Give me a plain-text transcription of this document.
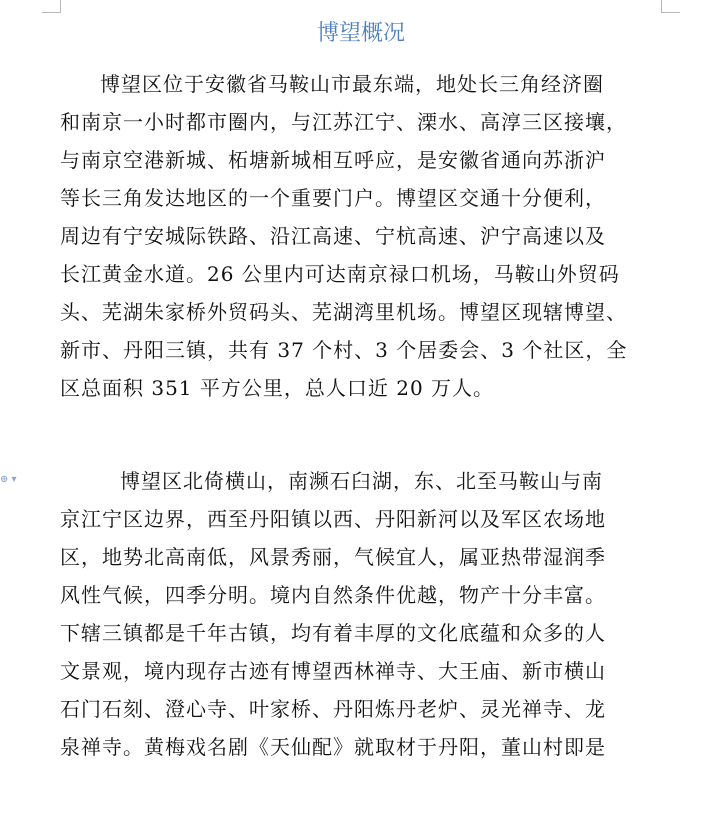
⊕ ▾
博望概况
博望区位于安徽省马鞍山市最东端，地处长三角经济圈
和南京一小时都市圈内，与江苏江宁、溧水、高淳三区接壤，
与南京空港新城、柘塘新城相互呼应，是安徽省通向苏浙沪
等长三角发达地区的一个重要门户。博望区交通十分便利，
周边有宁安城际铁路、沿江高速、宁杭高速、沪宁高速以及
长江黄金水道。26 公里内可达南京禄口机场，马鞍山外贸码
头、芜湖朱家桥外贸码头、芜湖湾里机场。博望区现辖博望、
新市、丹阳三镇，共有 37 个村、3 个居委会、3 个社区，全
区总面积 351 平方公里，总人口近 20 万人。
博望区北倚横山，南濒石臼湖，东、北至马鞍山与南
京江宁区边界，西至丹阳镇以西、丹阳新河以及军区农场地
区，地势北高南低，风景秀丽，气候宜人，属亚热带湿润季
风性气候，四季分明。境内自然条件优越，物产十分丰富。
下辖三镇都是千年古镇，均有着丰厚的文化底蕴和众多的人
文景观，境内现存古迹有博望西林禅寺、大王庙、新市横山
石门石刻、澄心寺、叶家桥、丹阳炼丹老炉、灵光禅寺、龙
泉禅寺。黄梅戏名剧《天仙配》就取材于丹阳，董山村即是
